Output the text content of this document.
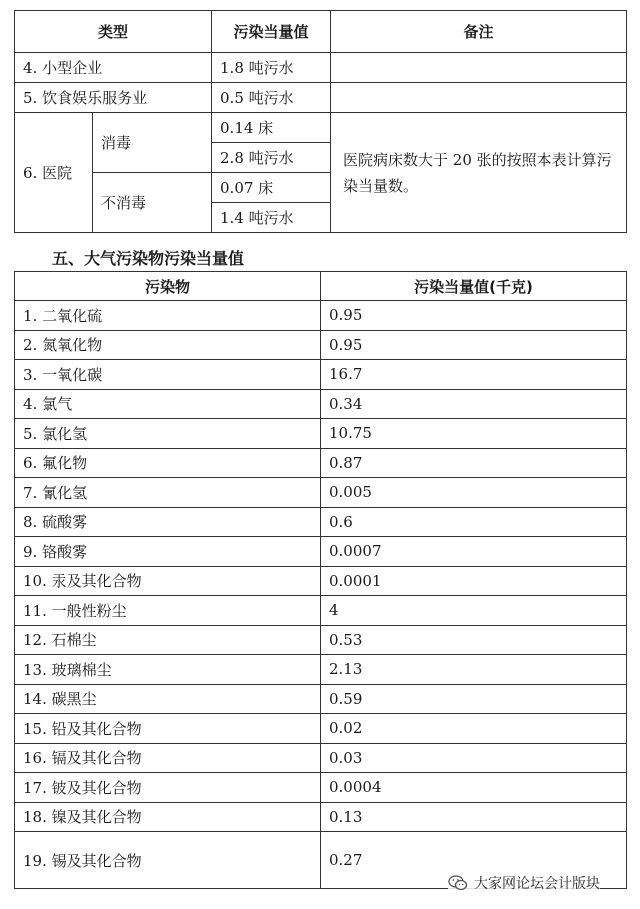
类型		污染当量值	备注
4. 小型企业		1.8 吨污水	
5. 饮食娱乐服务业		0.5 吨污水	
6. 医院	消毒	0.14 床	医院病床数大于 20 张的按照本表计算污染当量数。
		2.8 吨污水	
	不消毒	0.07 床	
		1.4 吨污水	
五、大气污染物污染当量值
污染物	污染当量值(千克)
1. 二氧化硫	0.95
2. 氮氧化物	0.95
3. 一氧化碳	16.7
4. 氯气	0.34
5. 氯化氢	10.75
6. 氟化物	0.87
7. 氰化氢	0.005
8. 硫酸雾	0.6
9. 铬酸雾	0.0007
10. 汞及其化合物	0.0001
11. 一般性粉尘	4
12. 石棉尘	0.53
13. 玻璃棉尘	2.13
14. 碳黑尘	0.59
15. 铅及其化合物	0.02
16. 镉及其化合物	0.03
17. 铍及其化合物	0.0004
18. 镍及其化合物	0.13
19. 锡及其化合物	0.27
大家网论坛会计版块
